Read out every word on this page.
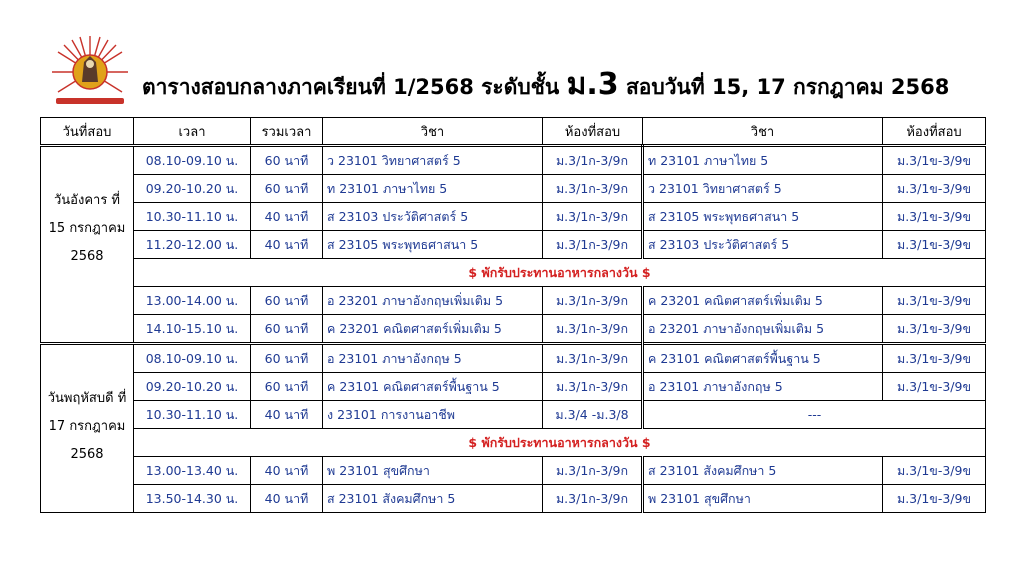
ตารางสอบกลางภาคเรียนที่ 1/2568 ระดับชั้น ม.3 สอบวันที่ 15, 17 กรกฎาคม 2568
วันที่สอบ	เวลา	รวมเวลา	วิชา	ห้องที่สอบ	วิชา	ห้องที่สอบ
วันอังคาร ที่ 15 กรกฎาคม 2568	08.10-09.10 น.	60 นาที	ว 23101 วิทยาศาสตร์ 5	ม.3/1ก-3/9ก	ท 23101 ภาษาไทย 5	ม.3/1ข-3/9ข
	09.20-10.20 น.	60 นาที	ท 23101 ภาษาไทย 5	ม.3/1ก-3/9ก	ว 23101 วิทยาศาสตร์ 5	ม.3/1ข-3/9ข
	10.30-11.10 น.	40 นาที	ส 23103 ประวัติศาสตร์ 5	ม.3/1ก-3/9ก	ส 23105 พระพุทธศาสนา 5	ม.3/1ข-3/9ข
	11.20-12.00 น.	40 นาที	ส 23105 พระพุทธศาสนา 5	ม.3/1ก-3/9ก	ส 23103 ประวัติศาสตร์ 5	ม.3/1ข-3/9ข
	$ พักรับประทานอาหารกลางวัน $					
	13.00-14.00 น.	60 นาที	อ 23201 ภาษาอังกฤษเพิ่มเติม 5	ม.3/1ก-3/9ก	ค 23201 คณิตศาสตร์เพิ่มเติม 5	ม.3/1ข-3/9ข
	14.10-15.10 น.	60 นาที	ค 23201 คณิตศาสตร์เพิ่มเติม 5	ม.3/1ก-3/9ก	อ 23201 ภาษาอังกฤษเพิ่มเติม 5	ม.3/1ข-3/9ข
วันพฤหัสบดี ที่ 17 กรกฎาคม 2568	08.10-09.10 น.	60 นาที	อ 23101 ภาษาอังกฤษ 5	ม.3/1ก-3/9ก	ค 23101 คณิตศาสตร์พื้นฐาน 5	ม.3/1ข-3/9ข
	09.20-10.20 น.	60 นาที	ค 23101 คณิตศาสตร์พื้นฐาน 5	ม.3/1ก-3/9ก	อ 23101 ภาษาอังกฤษ 5	ม.3/1ข-3/9ข
	10.30-11.10 น.	40 นาที	ง 23101 การงานอาชีพ	ม.3/4 -ม.3/8	---	
	$ พักรับประทานอาหารกลางวัน $					
	13.00-13.40 น.	40 นาที	พ 23101 สุขศึกษา	ม.3/1ก-3/9ก	ส 23101 สังคมศึกษา 5	ม.3/1ข-3/9ข
	13.50-14.30 น.	40 นาที	ส 23101 สังคมศึกษา 5	ม.3/1ก-3/9ก	พ 23101 สุขศึกษา	ม.3/1ข-3/9ข
